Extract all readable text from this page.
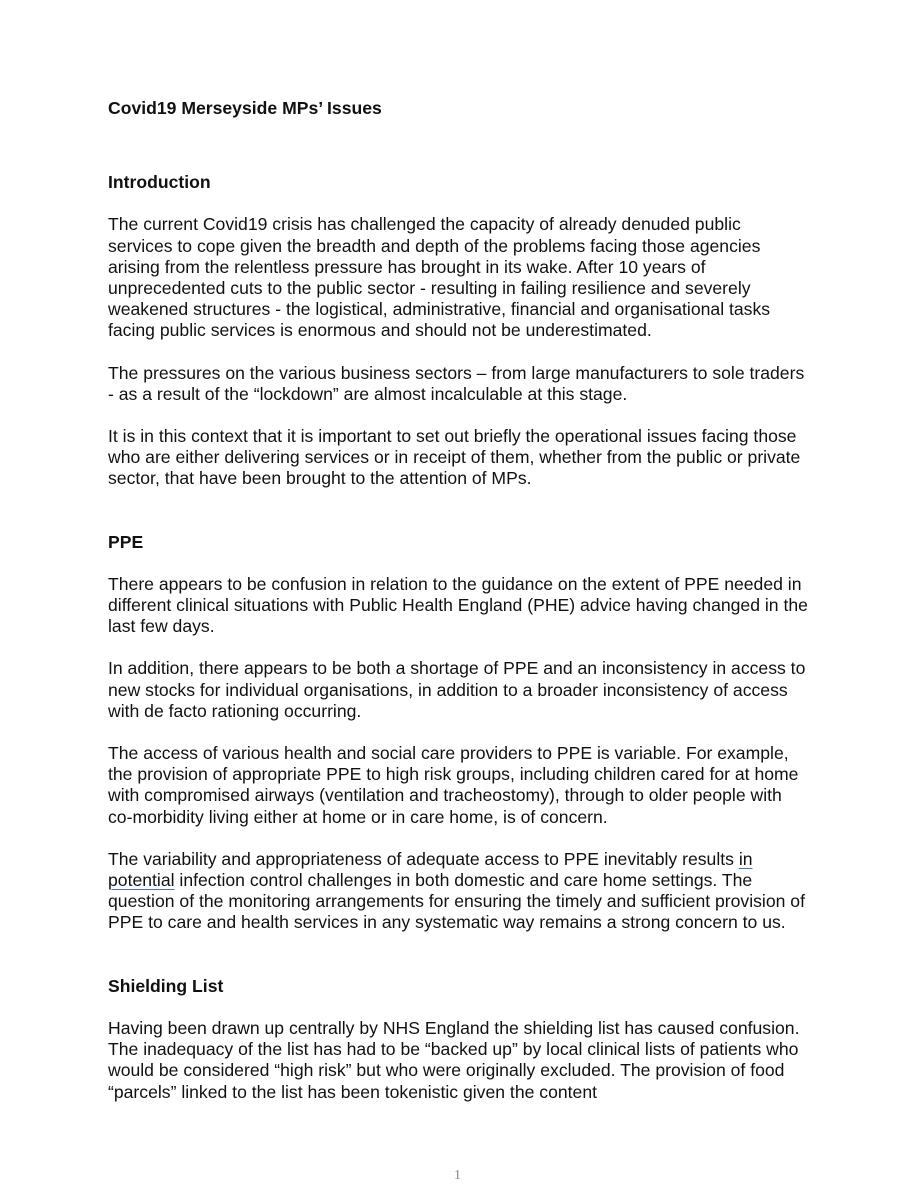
Covid19 Merseyside MPs’ Issues
Introduction
The current Covid19 crisis has challenged the capacity of already denuded public services to cope given the breadth and depth of the problems facing those agencies arising from the relentless pressure has brought in its wake. After 10 years of unprecedented cuts to the public sector - resulting in failing resilience and severely weakened structures - the logistical, administrative, financial and organisational tasks facing public services is enormous and should not be underestimated.
The pressures on the various business sectors – from large manufacturers to sole traders - as a result of the “lockdown” are almost incalculable at this stage.
It is in this context that it is important to set out briefly the operational issues facing those who are either delivering services or in receipt of them, whether from the public or private sector, that have been brought to the attention of MPs.
PPE
There appears to be confusion in relation to the guidance on the extent of PPE needed in different clinical situations with Public Health England (PHE) advice having changed in the last few days.
In addition, there appears to be both a shortage of PPE and an inconsistency in access to new stocks for individual organisations, in addition to a broader inconsistency of access with de facto rationing occurring.
The access of various health and social care providers to PPE is variable. For example, the provision of appropriate PPE to high risk groups, including children cared for at home with compromised airways (ventilation and tracheostomy), through to older people with co-morbidity living either at home or in care home, is of concern.
The variability and appropriateness of adequate access to PPE inevitably results in potential infection control challenges in both domestic and care home settings. The question of the monitoring arrangements for ensuring the timely and sufficient provision of PPE to care and health services in any systematic way remains a strong concern to us.
Shielding List
Having been drawn up centrally by NHS England the shielding list has caused confusion. The inadequacy of the list has had to be “backed up” by local clinical lists of patients who would be considered “high risk” but who were originally excluded. The provision of food “parcels” linked to the list has been tokenistic given the content
1
